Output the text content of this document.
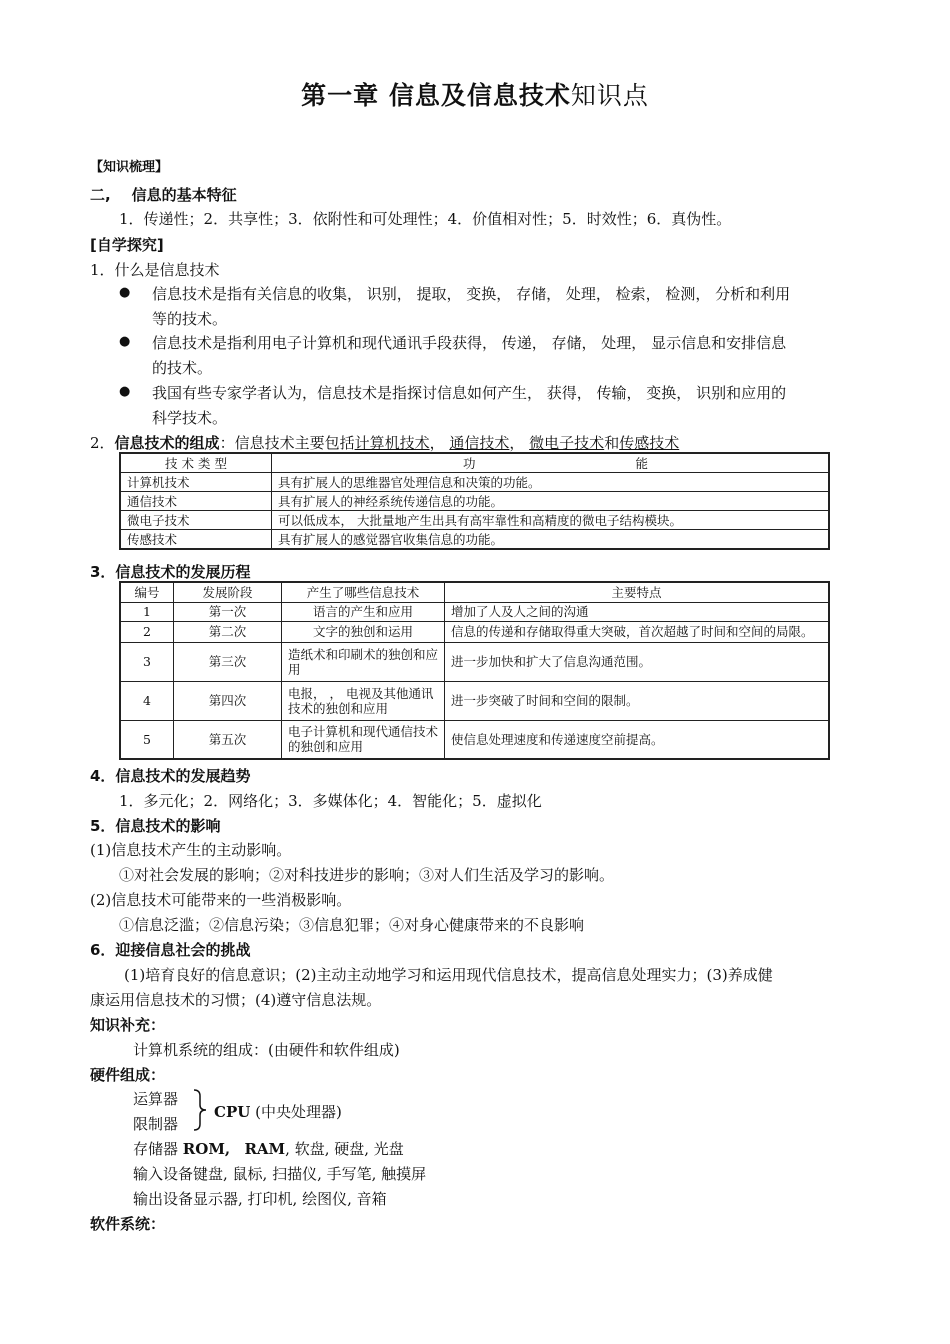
第一章 信息及信息技术知识点
【知识梳理】
二, 信息的基本特征
1．传递性；2．共享性；3．依附性和可处理性；4．价值相对性；5．时效性；6．真伪性。
[自学探究]
1．什么是信息技术
● 信息技术是指有关信息的收集， 识别， 提取， 变换， 存储， 处理， 检索， 检测， 分析和利用
等的技术。
● 信息技术是指利用电子计算机和现代通讯手段获得， 传递， 存储， 处理， 显示信息和安排信息
的技术。
● 我国有些专家学者认为，信息技术是指探讨信息如何产生， 获得， 传输， 变换， 识别和应用的
科学技术。
2．信息技术的组成：信息技术主要包括计算机技术， 通信技术， 微电子技术和传感技术
技 术 类 型	功 能
计算机技术	具有扩展人的思维器官处理信息和决策的功能。
通信技术	具有扩展人的神经系统传递信息的功能。
微电子技术	可以低成本， 大批量地产生出具有高牢靠性和高精度的微电子结构模块。
传感技术	具有扩展人的感觉器官收集信息的功能。
3．信息技术的发展历程
编号	发展阶段	产生了哪些信息技术	主要特点
1	第一次	语言的产生和应用	增加了人及人之间的沟通
2	第二次	文字的独创和运用	信息的传递和存储取得重大突破，首次超越了时间和空间的局限。
3	第三次	造纸术和印刷术的独创和应用	进一步加快和扩大了信息沟通范围。
4	第四次	电报， ， 电视及其他通讯技术的独创和应用	进一步突破了时间和空间的限制。
5	第五次	电子计算机和现代通信技术的独创和应用	使信息处理速度和传递速度空前提高。
4．信息技术的发展趋势
1．多元化；2．网络化；3．多媒体化；4．智能化；5．虚拟化
5．信息技术的影响
(1)信息技术产生的主动影响。
①对社会发展的影响；②对科技进步的影响；③对人们生活及学习的影响。
(2)信息技术可能带来的一些消极影响。
①信息泛滥；②信息污染；③信息犯罪；④对身心健康带来的不良影响
6．迎接信息社会的挑战
(1)培育良好的信息意识；(2)主动主动地学习和运用现代信息技术，提高信息处理实力；(3)养成健
康运用信息技术的习惯；(4)遵守信息法规。
知识补充：
计算机系统的组成：(由硬件和软件组成)
硬件组成：
运算器
限制器
CPU (中央处理器)
存储器 ROM, RAM, 软盘, 硬盘, 光盘
输入设备键盘, 鼠标, 扫描仪, 手写笔, 触摸屏
输出设备显示器, 打印机, 绘图仪, 音箱
软件系统：
